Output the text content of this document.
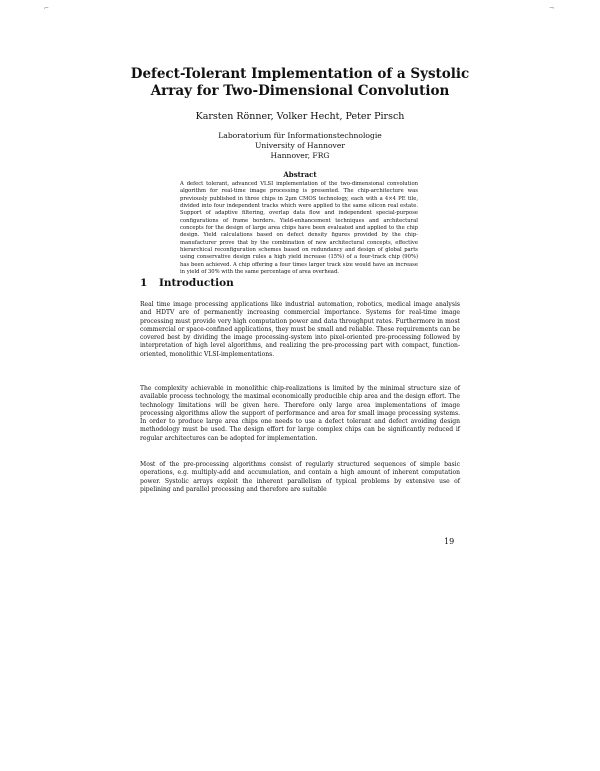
⌐	¬
Defect-Tolerant Implementation of a Systolic
Array for Two-Dimensional Convolution
Karsten Rönner, Volker Hecht, Peter Pirsch
Laboratorium für Informationstechnologie
University of Hannover
Hannover, FRG
Abstract
A defect tolerant, advanced VLSI implementation of the two-dimensional convolution algorithm for real-time image processing is presented. The chip-architecture was previously published in three chips in 2µm CMOS technology, each with a 4×4 PE tile, divided into four independent tracks which were applied to the same silicon real estate. Support of adaptive filtering, overlap data flow and independent special-purpose configurations of frame borders. Yield-enhancement techniques and architectural concepts for the design of large area chips have been evaluated and applied to the chip design. Yield calculations based on defect density figures provided by the chip-manufacturer prove that by the combination of new architectural concepts, effective hierarchical reconfiguration schemes based on redundancy and design of global parts using conservative design rules a high yield increase (15%) of a four-track chip (90%) has been achieved. A chip offering a four times larger track size would have an increase in yield of 30% with the same percentage of area overhead.
1 Introduction
Real time image processing applications like industrial automation, robotics, medical image analysis and HDTV are of permanently increasing commercial importance. Systems for real-time image processing must provide very high computation power and data throughput rates. Furthermore in most commercial or space-confined applications, they must be small and reliable. These requirements can be covered best by dividing the image processing-system into pixel-oriented pre-processing followed by interpretation of high level algorithms, and realizing the pre-processing part with compact, function-oriented, monolithic VLSI-implementations.
The complexity achievable in monolithic chip-realizations is limited by the minimal structure size of available process technology, the maximal economically producible chip area and the design effort. The technology limitations will be given here. Therefore only large area implementations of image processing algorithms allow the support of performance and area for small image processing systems. In order to produce large area chips one needs to use a defect tolerant and defect avoiding design methodology must be used. The design effort for large complex chips can be significantly reduced if regular architectures can be adopted for implementation.
Most of the pre-processing algorithms consist of regularly structured sequences of simple basic operations, e.g. multiply-add and accumulation, and contain a high amount of inherent computation power. Systolic arrays exploit the inherent parallelism of typical problems by extensive use of pipelining and parallel processing and therefore are suitable
19
